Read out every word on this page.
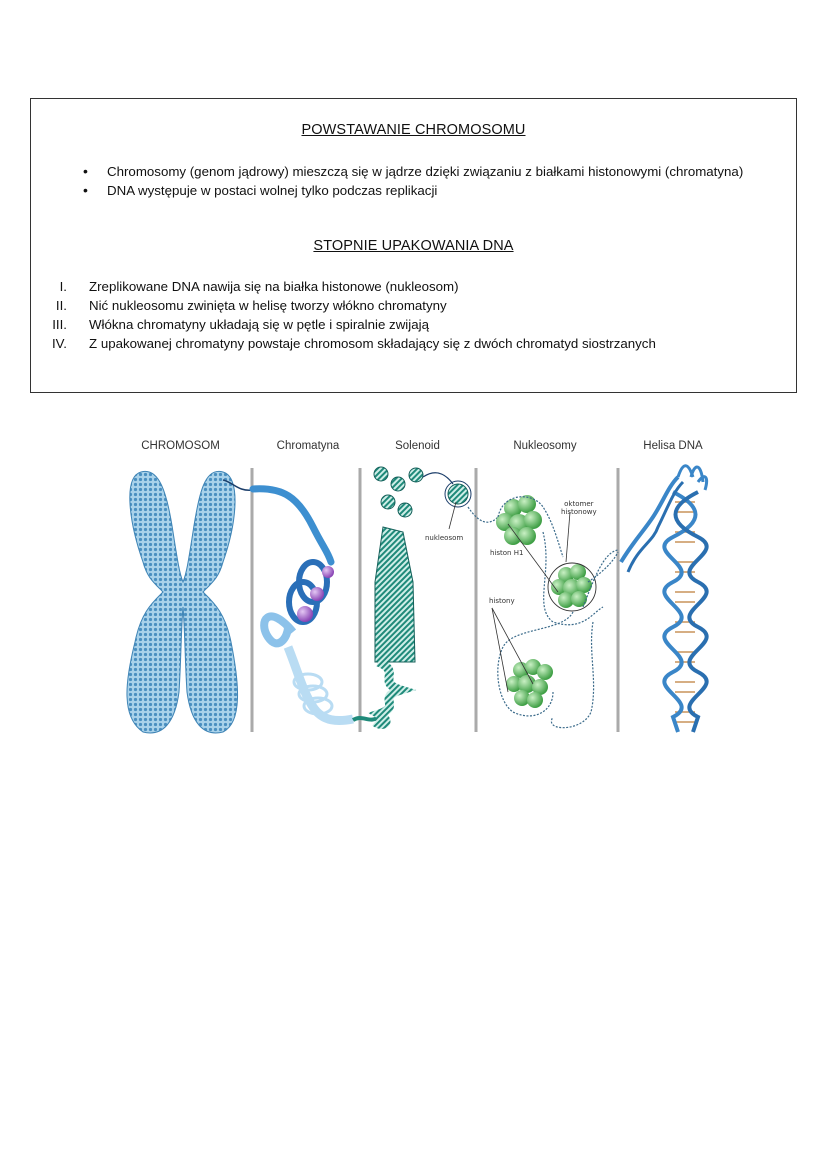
POWSTAWANIE CHROMOSOMU
• Chromosomy (genom jądrowy) mieszczą się w jądrze dzięki związaniu z białkami histonowymi (chromatyna)
• DNA występuje w postaci wolnej tylko podczas replikacji
STOPNIE UPAKOWANIA DNA
I. Zreplikowane DNA nawija się na białka histonowe (nukleosom)
II. Nić nukleosomu zwinięta w helisę tworzy włókno chromatyny
III. Włókna chromatyny układają się w pętle i spiralnie zwijają
IV. Z upakowanej chromatyny powstaje chromosom składający się z dwóch chromatyd siostrzanych
CHROMOSOM	Chromatyna	Solenoid	Nukleosomy	Helisa DNA
nukleosom
oktomer
histonowy
histon H1
histony
